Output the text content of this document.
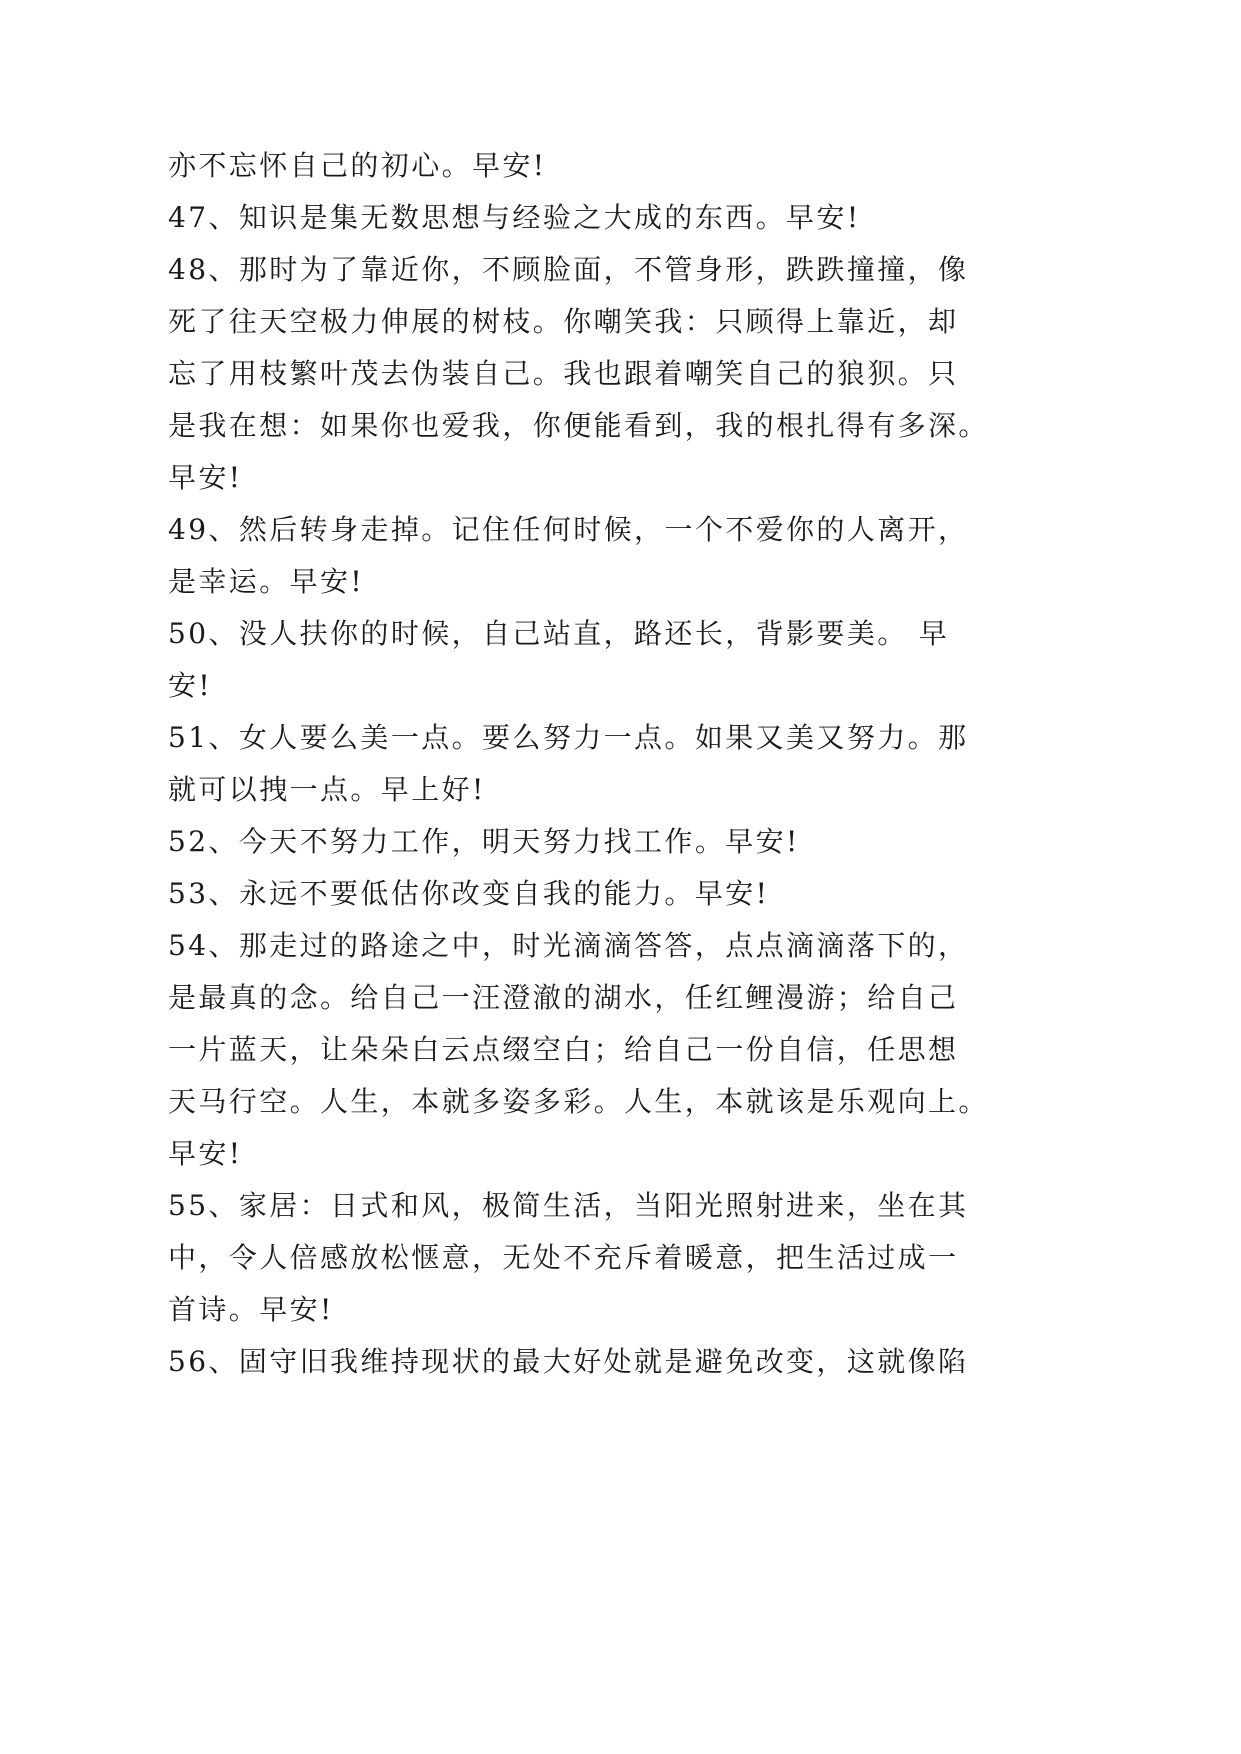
亦不忘怀自己的初心。早安!
47、知识是集无数思想与经验之大成的东西。早安!
48、那时为了靠近你，不顾脸面，不管身形，跌跌撞撞，像
死了往天空极力伸展的树枝。你嘲笑我：只顾得上靠近，却
忘了用枝繁叶茂去伪装自己。我也跟着嘲笑自己的狼狈。只
是我在想：如果你也爱我，你便能看到，我的根扎得有多深。
早安!
49、然后转身走掉。记住任何时候，一个不爱你的人离开，
是幸运。早安!
50、没人扶你的时候，自己站直，路还长，背影要美。 早
安!
51、女人要么美一点。要么努力一点。如果又美又努力。那
就可以拽一点。早上好!
52、今天不努力工作，明天努力找工作。早安!
53、永远不要低估你改变自我的能力。早安!
54、那走过的路途之中，时光滴滴答答，点点滴滴落下的，
是最真的念。给自己一汪澄澈的湖水，任红鲤漫游；给自己
一片蓝天，让朵朵白云点缀空白；给自己一份自信，任思想
天马行空。人生，本就多姿多彩。人生，本就该是乐观向上。
早安!
55、家居：日式和风，极简生活，当阳光照射进来，坐在其
中，令人倍感放松惬意，无处不充斥着暖意，把生活过成一
首诗。早安!
56、固守旧我维持现状的最大好处就是避免改变，这就像陷
